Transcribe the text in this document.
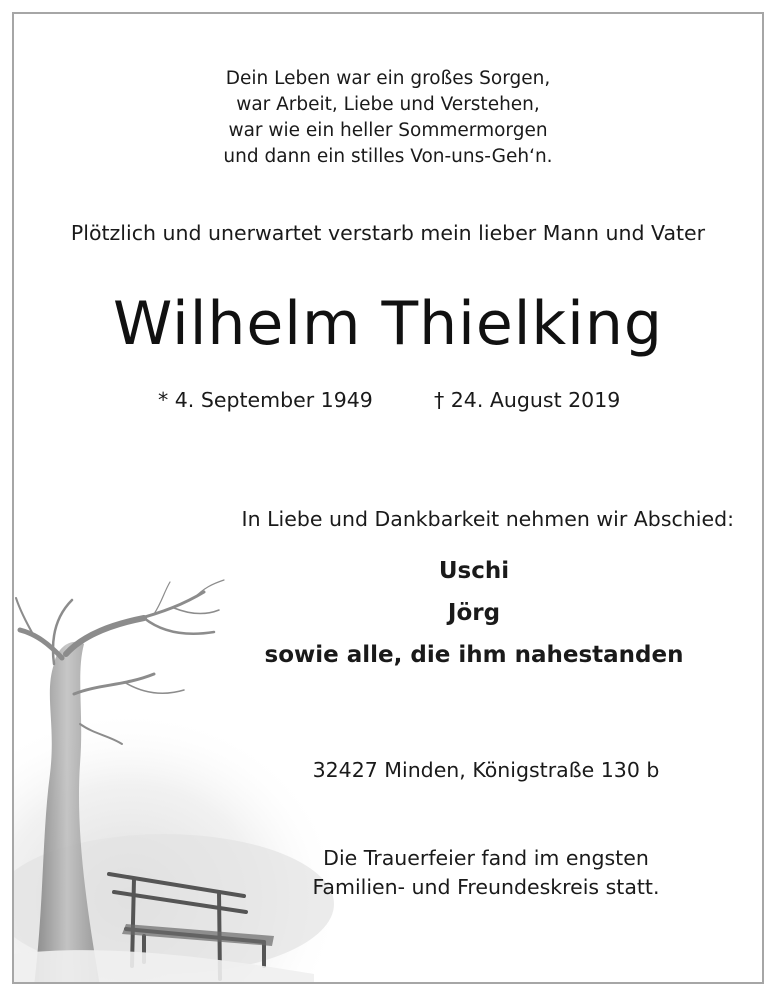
Dein Leben war ein großes Sorgen,
war Arbeit, Liebe und Verstehen,
war wie ein heller Sommermorgen
und dann ein stilles Von-uns-Geh‘n.
Plötzlich und unerwartet verstarb mein lieber Mann und Vater
Wilhelm Thielking
* 4. September 1949	† 24. August 2019
In Liebe und Dankbarkeit nehmen wir Abschied:
Uschi
Jörg
sowie alle, die ihm nahestanden
32427 Minden, Königstraße 130 b
Die Trauerfeier fand im engsten
Familien- und Freundeskreis statt.
